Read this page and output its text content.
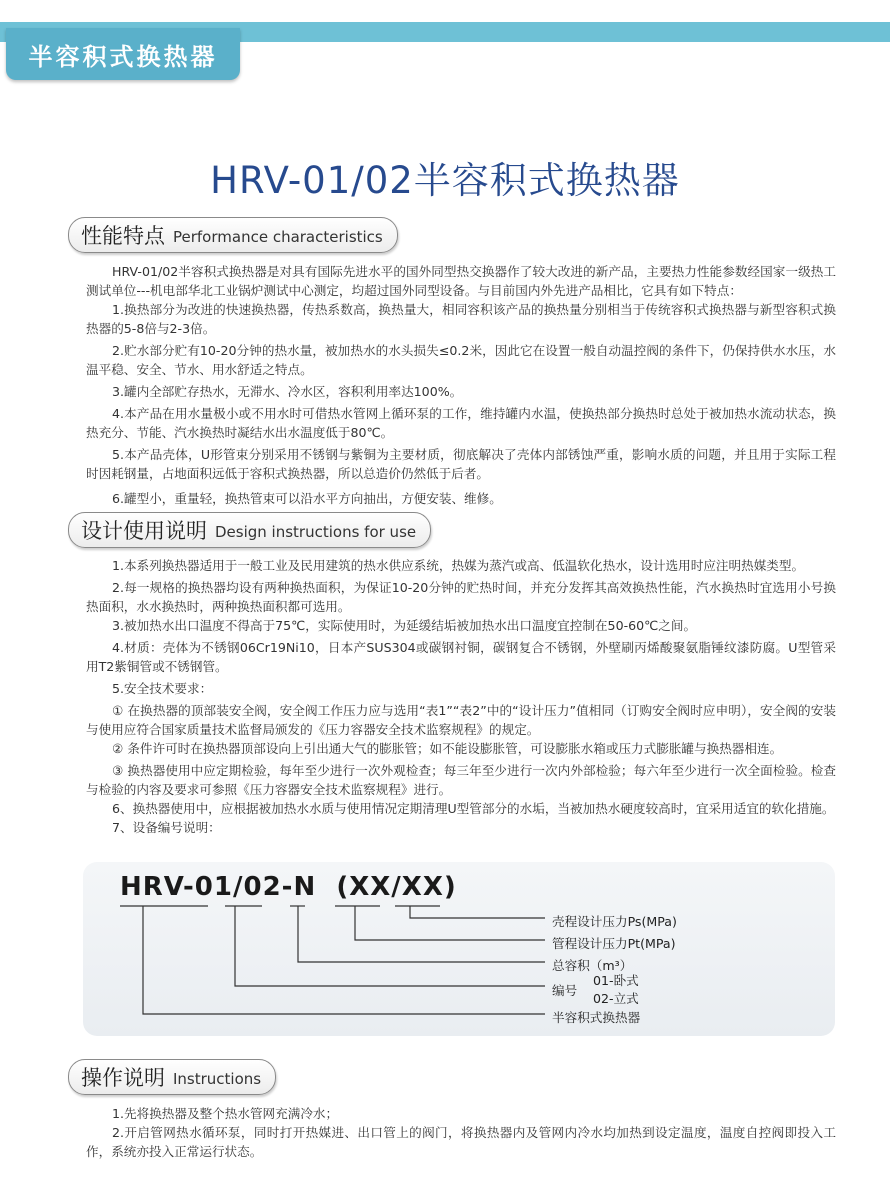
半容积式换热器
HRV-01/02半容积式换热器
性能特点 Performance characteristics

HRV-01/02半容积式换热器是对具有国际先进水平的国外同型热交换器作了较大改进的新产品，主要热力性能参数经国家一级热工测试单位---机电部华北工业锅炉测试中心测定，均超过国外同型设备。与目前国内外先进产品相比，它具有如下特点：

1.换热部分为改进的快速换热器，传热系数高，换热量大，相同容积该产品的换热量分别相当于传统容积式换热器与新型容积式换热器的5-8倍与2-3倍。

2.贮水部分贮有10-20分钟的热水量，被加热水的水头损失≤0.2米，因此它在设置一般自动温控阀的条件下，仍保持供水水压，水温平稳、安全、节水、用水舒适之特点。

3.罐内全部贮存热水，无滞水、冷水区，容积利用率达100%。

4.本产品在用水量极小或不用水时可借热水管网上循环泵的工作，维持罐内水温，使换热部分换热时总处于被加热水流动状态，换热充分、节能、汽水换热时凝结水出水温度低于80℃。

5.本产品壳体，U形管束分别采用不锈钢与紫铜为主要材质，彻底解决了壳体内部锈蚀严重，影响水质的问题，并且用于实际工程时因耗钢量，占地面积远低于容积式换热器，所以总造价仍然低于后者。

6.罐型小，重量轻，换热管束可以沿水平方向抽出，方便安装、维修。

设计使用说明 Design instructions for use

1.本系列换热器适用于一般工业及民用建筑的热水供应系统，热媒为蒸汽或高、低温软化热水，设计选用时应注明热媒类型。

2.每一规格的换热器均设有两种换热面积，为保证10-20分钟的贮热时间，并充分发挥其高效换热性能，汽水换热时宜选用小号换热面积，水水换热时，两种换热面积都可选用。

3.被加热水出口温度不得高于75℃，实际使用时，为延缓结垢被加热水出口温度宜控制在50-60℃之间。

4.材质：壳体为不锈钢06Cr19Ni10，日本产SUS304或碳钢衬铜，碳钢复合不锈钢，外壁刷丙烯酸聚氨脂锤纹漆防腐。U型管采用T2紫铜管或不锈钢管。

5.安全技术要求：

① 在换热器的顶部装安全阀，安全阀工作压力应与选用“表1”“表2”中的“设计压力”值相同（订购安全阀时应申明），安全阀的安装与使用应符合国家质量技术监督局颁发的《压力容器安全技术监察规程》的规定。

② 条件许可时在换热器顶部设向上引出通大气的膨胀管；如不能设膨胀管，可设膨胀水箱或压力式膨胀罐与换热器相连。

③ 换热器使用中应定期检验，每年至少进行一次外观检查；每三年至少进行一次内外部检验；每六年至少进行一次全面检验。检查与检验的内容及要求可参照《压力容器安全技术监察规程》进行。

6、换热器使用中，应根据被加热水水质与使用情况定期清理U型管部分的水垢，当被加热水硬度较高时，宜采用适宜的软化措施。

7、设备编号说明：

HRV-01/02-N  (XX/XX)
壳程设计压力Ps(MPa)
管程设计压力Pt(MPa)
总容积（m³）
编号
01-卧式
02-立式
半容积式换热器
操作说明 Instructions

1.先将换热器及整个热水管网充满冷水；

2.开启管网热水循环泵，同时打开热媒进、出口管上的阀门，将换热器内及管网内冷水均加热到设定温度，温度自控阀即投入工作，系统亦投入正常运行状态。
